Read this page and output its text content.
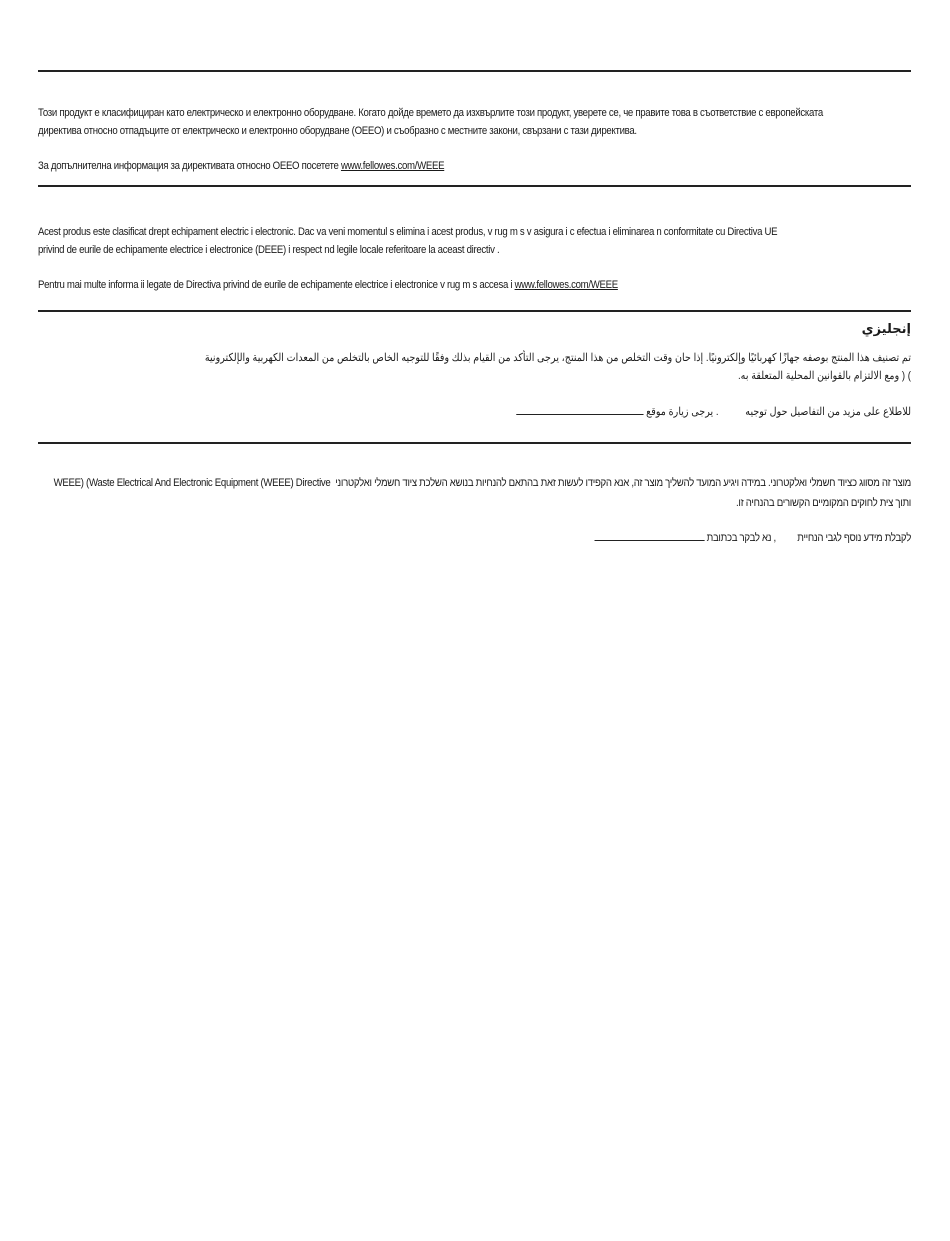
Този продукт е класифициран като електрическо и електронно оборудване. Когато дойде времето да изхвърлите този продукт, уверете се, че правите това в съответствие с европейската

директива относно отпадъците от електрическо и електронно оборудване (ОЕЕО) и съобразно с местните закони, свързани с тази директива.

За допълнителна информация за директивата относно ОЕЕО посетете www.fellowes.com/WEEE

Acest produs este clasificat drept echipament electric i electronic. Dac va veni momentul s elimina i acest produs, v rug m s v asigura i c efectua i eliminarea n conformitate cu Directiva UE

privind de eurile de echipamente electrice i electronice (DEEE) i respect nd legile locale referitoare la aceast directiv .

Pentru mai multe informa ii legate de Directiva privind de eurile de echipamente electrice i electronice v rug m s accesa i www.fellowes.com/WEEE

إنجليزي

تم تصنيف هذا المنتج بوصفه جهازًا كهربائيًا وإلكترونيًا. إذا حان وقت التخلص من هذا المنتج، يرجى التأكد من القيام بذلك وفقًا للتوجيه الخاص بالتخلص من المعدات الكهربية والإلكترونية

) ( ومع الالتزام بالقوانين المحلية المتعلقة به.

للاطلاع على مزيد من التفاصيل حول توجيه          . يرجى زيارة موقع

מוצר זה מסווג כציוד חשמלי ואלקטרוני. במידה ויגיע המועד להשליך מוצר זה, אנא הקפידו לעשות זאת בהתאם להנחיות בנושא השלכת ציוד חשמלי ואלקטרוני  WEEE) (Waste Electrical And Electronic Equipment (WEEE) Directive

ותוך צית לחוקים המקומיים הקשורים בהנחיה זו.

לקבלת מידע נוסף לגבי הנחיית         , נא לבקר בכתובת
